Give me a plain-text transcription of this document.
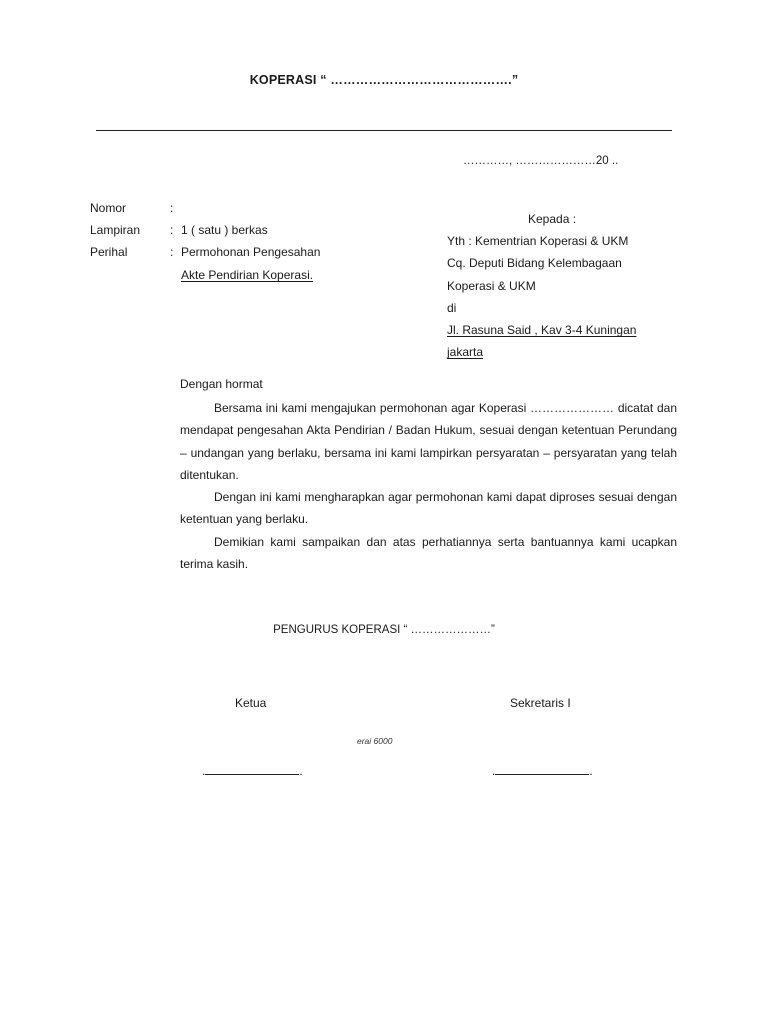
KOPERASI “ …………………………………….”
…………, …………………20 ..
Nomor	:
Lampiran : 1 ( satu ) berkas
Perihal	: Permohonan Pengesahan
Akte Pendirian Koperasi.
Kepada :
Yth : Kementrian Koperasi & UKM
Cq. Deputi Bidang Kelembagaan
Koperasi & UKM
di
Jl. Rasuna Said , Kav 3-4 Kuningan
jakarta
Dengan hormat

Bersama ini kami mengajukan permohonan agar Koperasi ………………… dicatat dan mendapat pengesahan Akta Pendirian / Badan Hukum, sesuai dengan ketentuan Perundang – undangan yang berlaku, bersama ini kami lampirkan persyaratan – persyaratan yang telah ditentukan.

Dengan ini kami mengharapkan agar permohonan kami dapat diproses sesuai dengan ketentuan yang berlaku.

Demikian kami sampaikan dan atas perhatiannya serta bantuannya kami ucapkan terima kasih.

PENGURUS KOPERASI “ …………………”
Ketua	Sekretaris I
erai 6000
.	.	.	.
